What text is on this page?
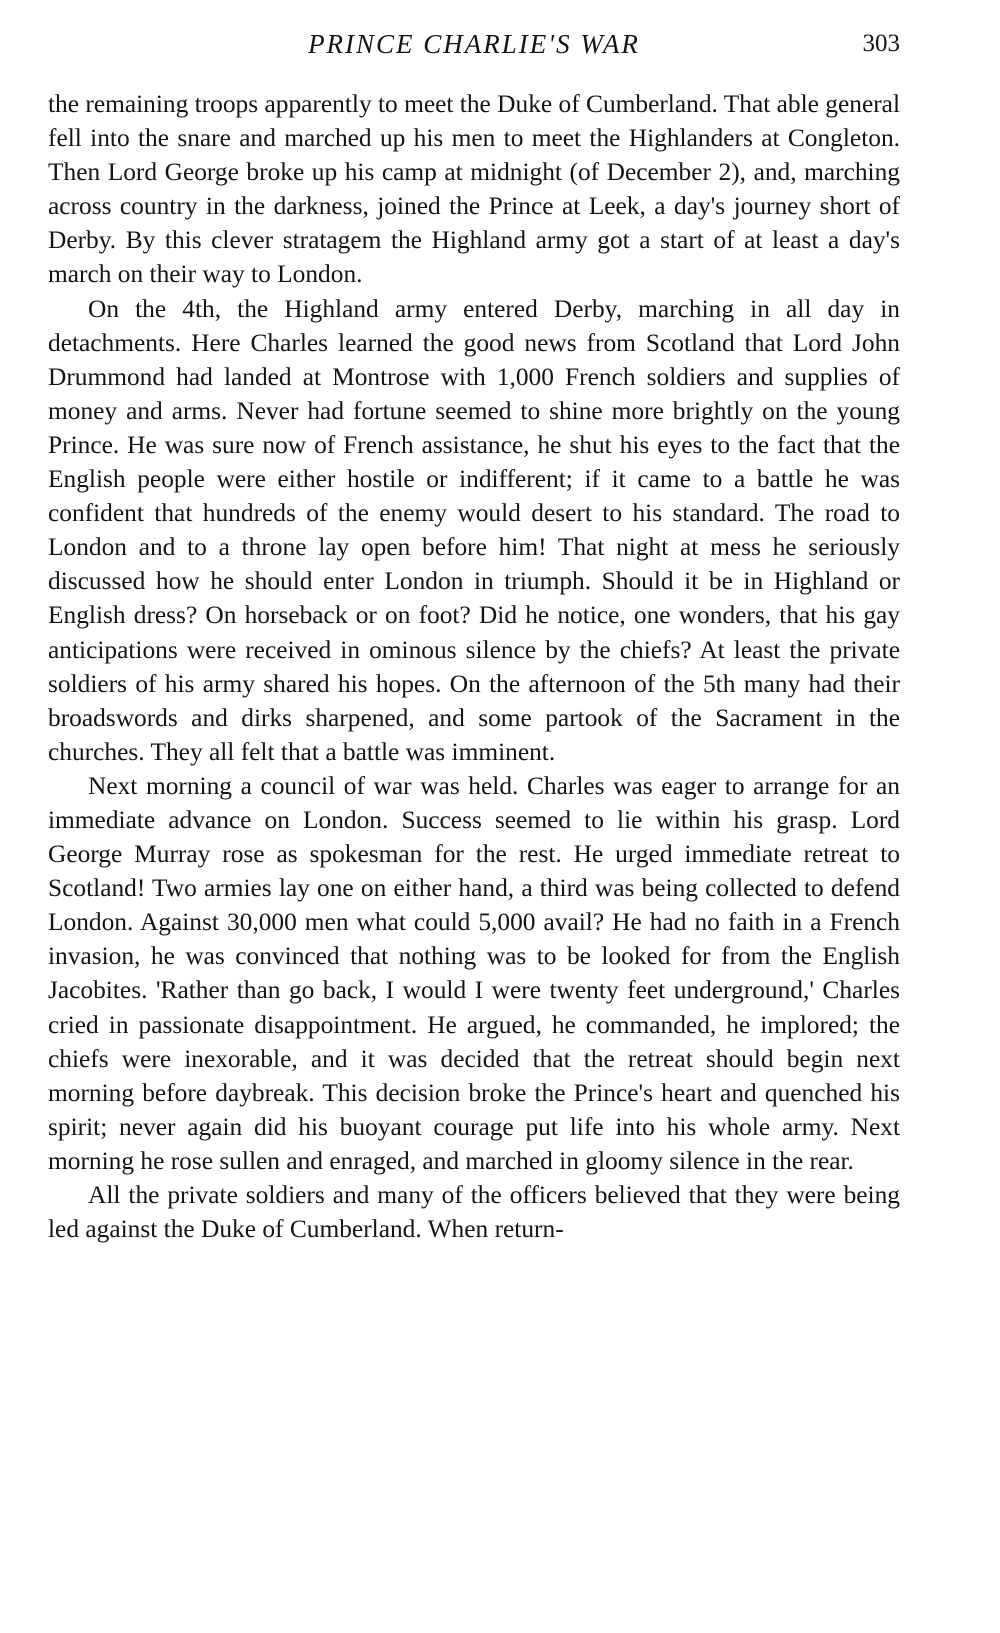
PRINCE CHARLIE'S WAR	303

the remaining troops apparently to meet the Duke of Cumberland. That able general fell into the snare and marched up his men to meet the Highlanders at Congleton. Then Lord George broke up his camp at midnight (of December 2), and, marching across country in the darkness, joined the Prince at Leek, a day's journey short of Derby. By this clever stratagem the Highland army got a start of at least a day's march on their way to London.

On the 4th, the Highland army entered Derby, marching in all day in detachments. Here Charles learned the good news from Scotland that Lord John Drummond had landed at Montrose with 1,000 French soldiers and supplies of money and arms. Never had fortune seemed to shine more brightly on the young Prince. He was sure now of French assistance, he shut his eyes to the fact that the English people were either hostile or indifferent; if it came to a battle he was confident that hundreds of the enemy would desert to his standard. The road to London and to a throne lay open before him! That night at mess he seriously discussed how he should enter London in triumph. Should it be in Highland or English dress? On horseback or on foot? Did he notice, one wonders, that his gay anticipations were received in ominous silence by the chiefs? At least the private soldiers of his army shared his hopes. On the afternoon of the 5th many had their broadswords and dirks sharpened, and some partook of the Sacrament in the churches. They all felt that a battle was imminent.

Next morning a council of war was held. Charles was eager to arrange for an immediate advance on London. Success seemed to lie within his grasp. Lord George Murray rose as spokesman for the rest. He urged immediate retreat to Scotland! Two armies lay one on either hand, a third was being collected to defend London. Against 30,000 men what could 5,000 avail? He had no faith in a French invasion, he was convinced that nothing was to be looked for from the English Jacobites. 'Rather than go back, I would I were twenty feet underground,' Charles cried in passionate disappointment. He argued, he commanded, he implored; the chiefs were inexorable, and it was decided that the retreat should begin next morning before daybreak. This decision broke the Prince's heart and quenched his spirit; never again did his buoyant courage put life into his whole army. Next morning he rose sullen and enraged, and marched in gloomy silence in the rear.

All the private soldiers and many of the officers believed that they were being led against the Duke of Cumberland. When return-
